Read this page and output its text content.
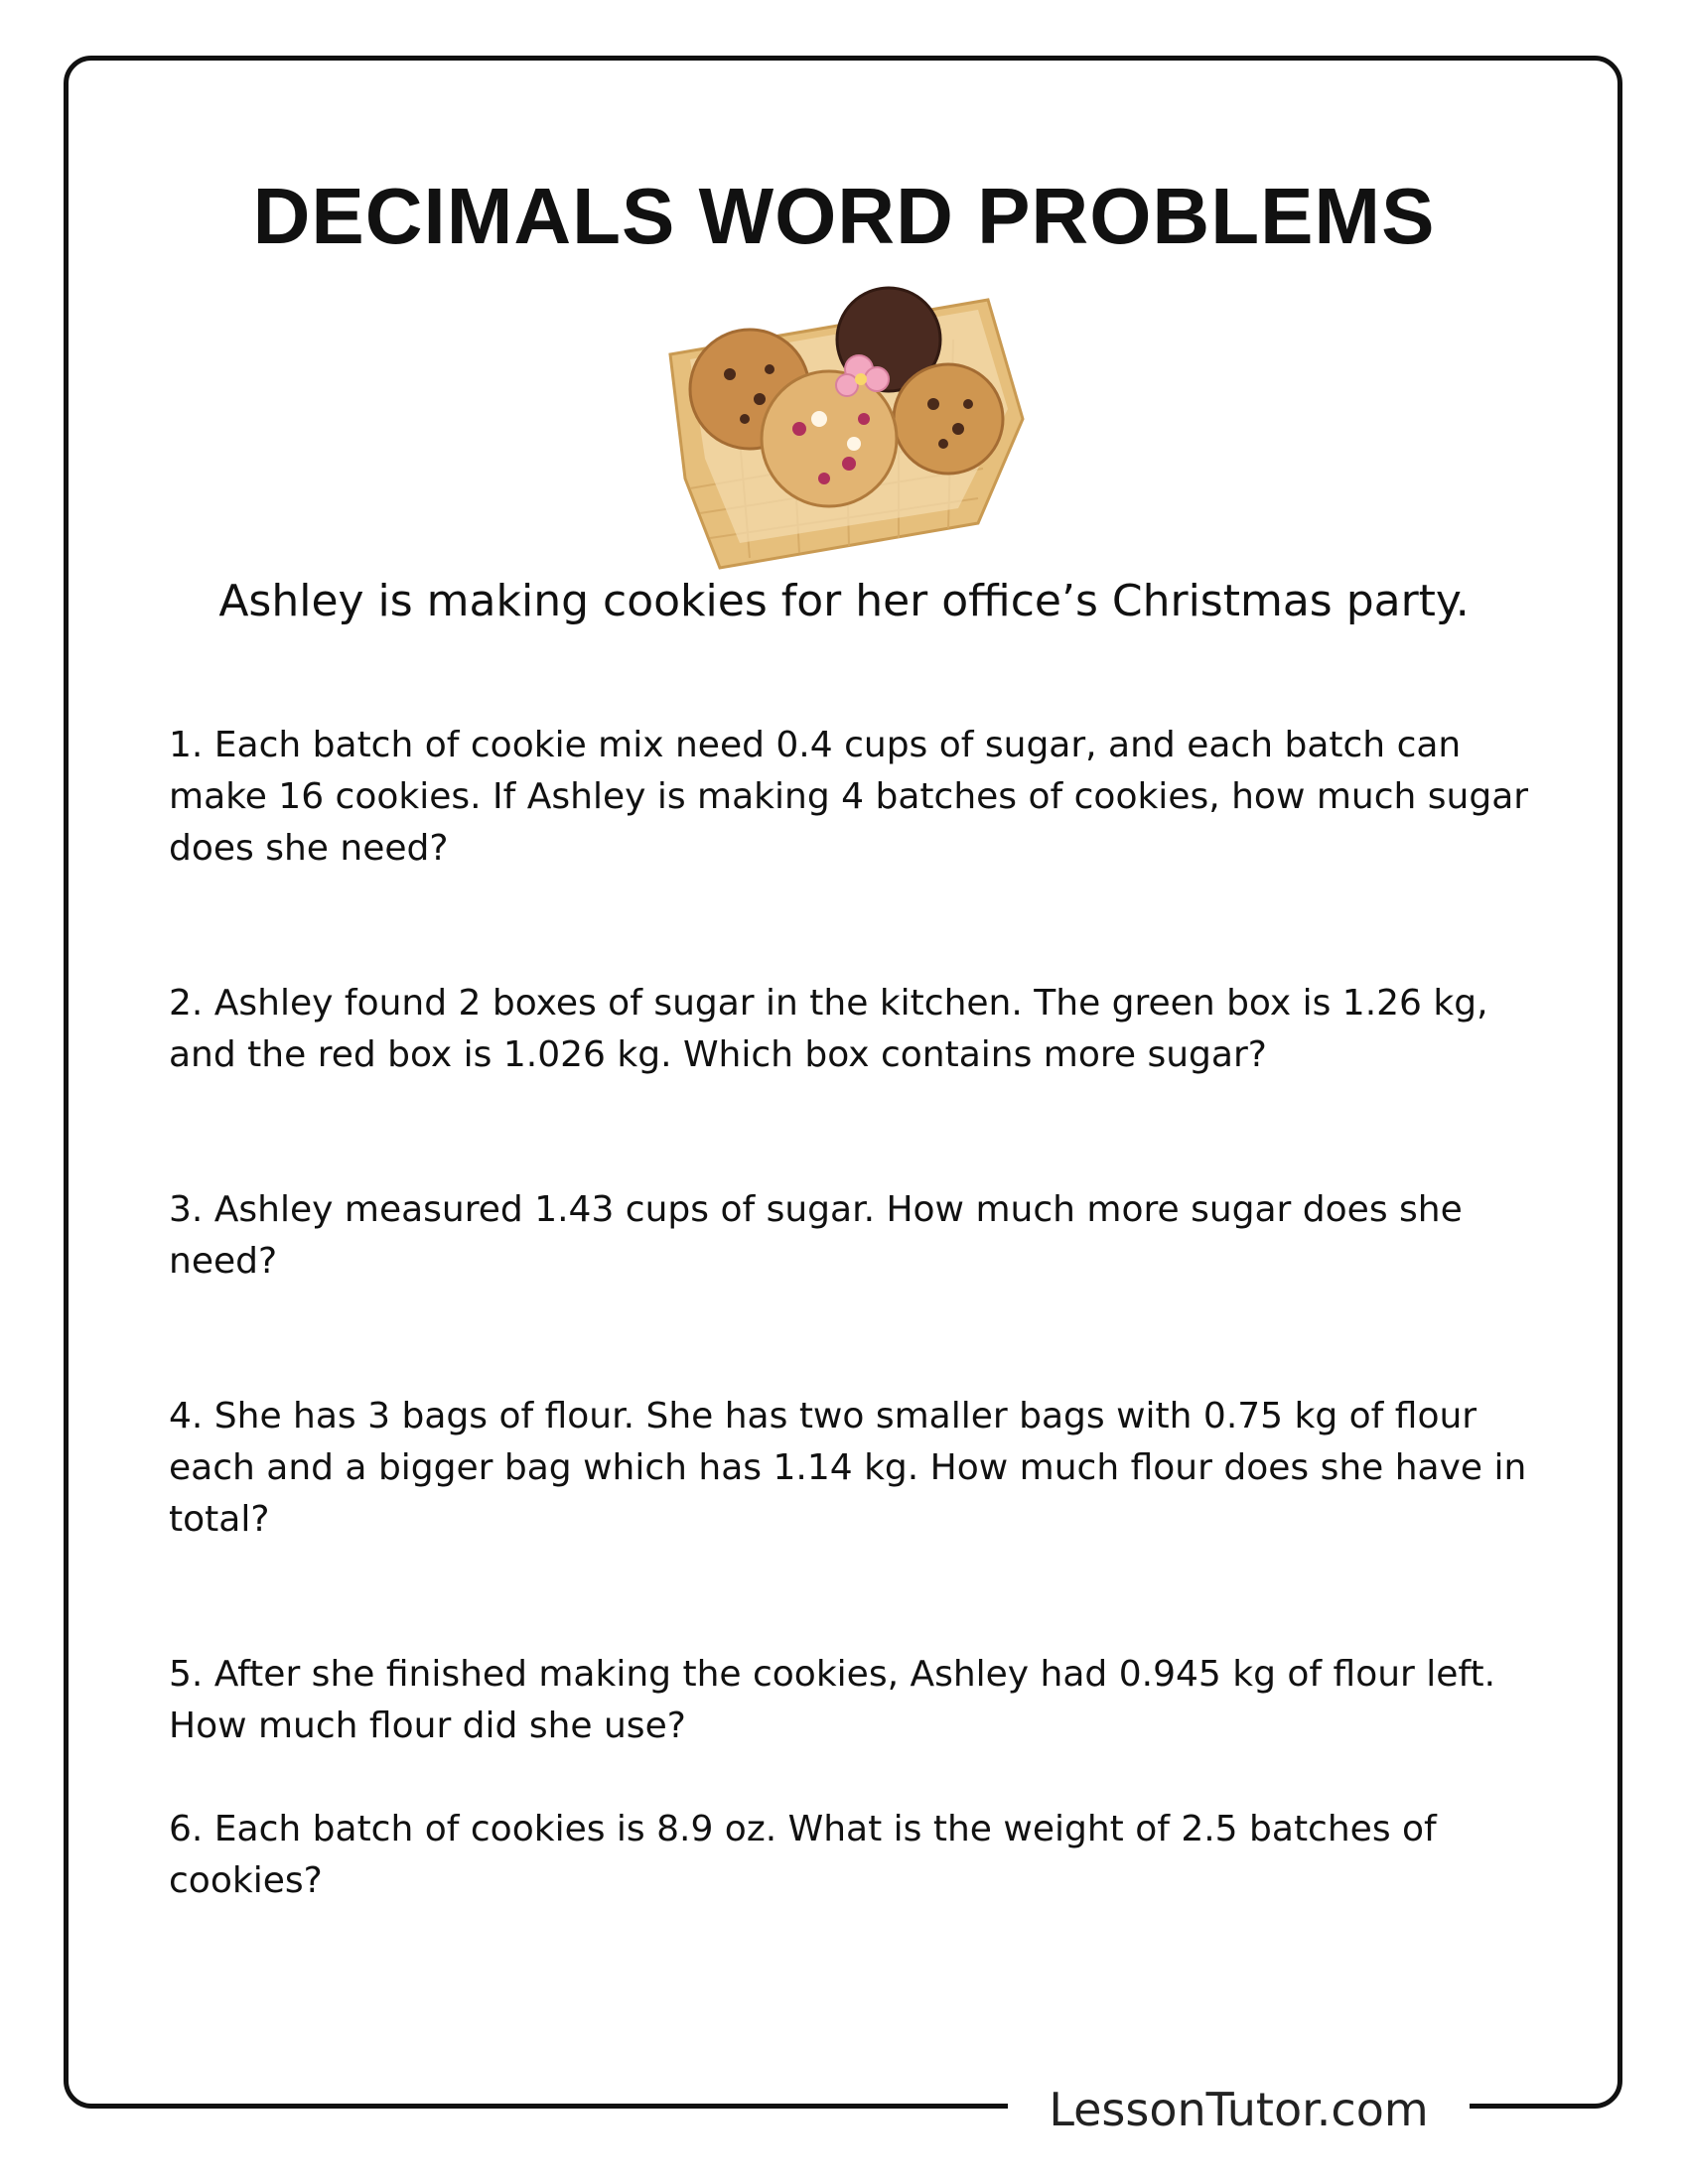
DECIMALS WORD PROBLEMS
Ashley is making cookies for her office’s Christmas party.

1. Each batch of cookie mix need 0.4 cups of sugar, and each batch can make 16 cookies. If Ashley is making 4 batches of cookies, how much sugar does she need?

2. Ashley found 2 boxes of sugar in the kitchen. The green box is 1.26 kg, and the red box is 1.026 kg. Which box contains more sugar?

3. Ashley measured 1.43 cups of sugar. How much more sugar does she need?

4. She has 3 bags of flour. She has two smaller bags with 0.75 kg of flour each and a bigger bag which has 1.14 kg. How much flour does she have in total?

5. After she finished making the cookies, Ashley had 0.945 kg of flour left. How much flour did she use?

6. Each batch of cookies is 8.9 oz. What is the weight of 2.5 batches of cookies?

LessonTutor.com
